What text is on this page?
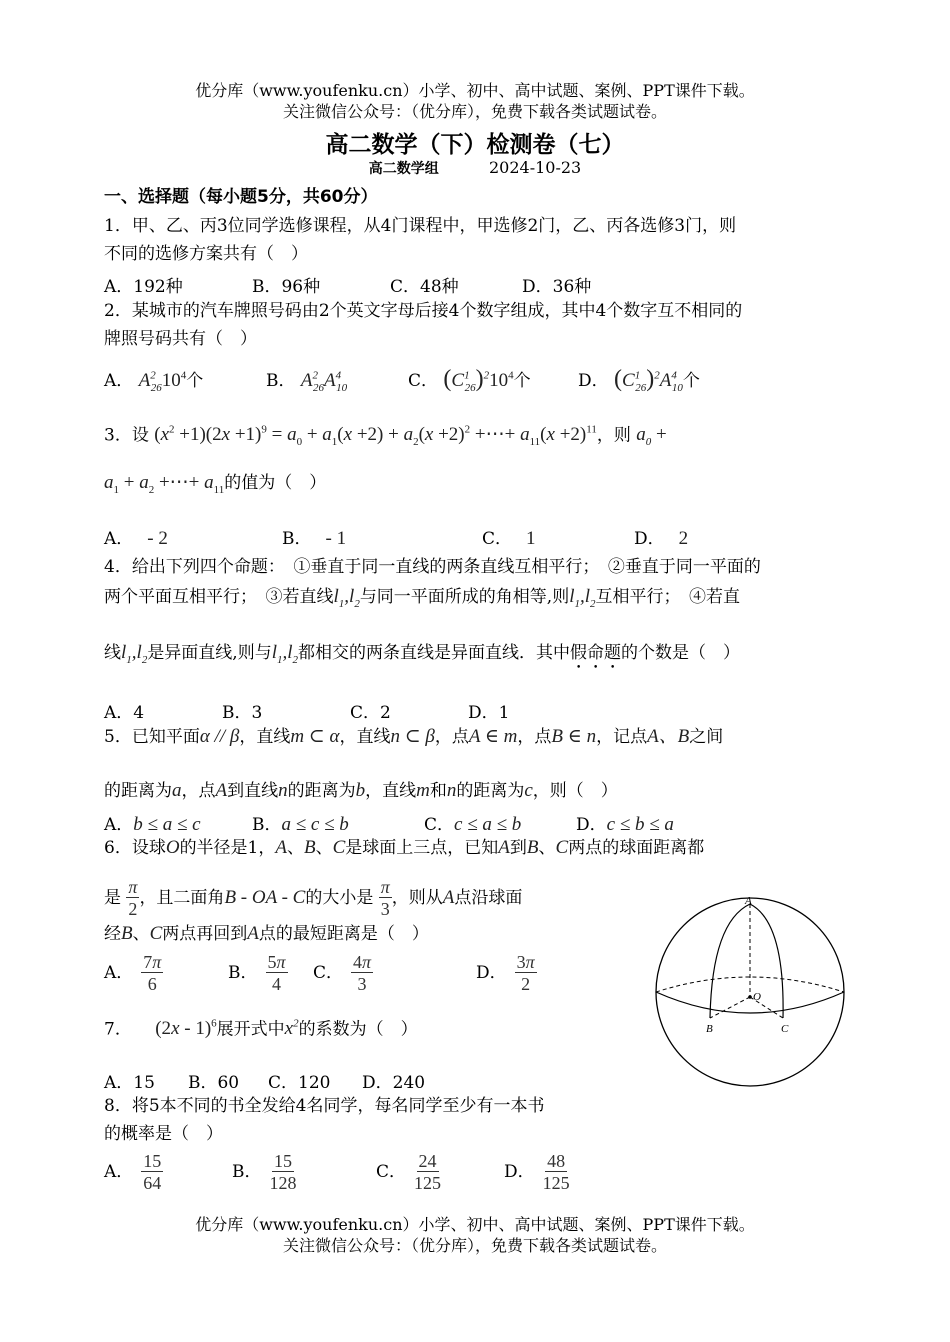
优分库（www.youfenku.cn）小学、初中、高中试题、案例、PPT课件下载。
关注微信公众号：（优分库），免费下载各类试题试卷。
高二数学（下）检测卷（七）
高二数学组	2024-10-23
一、选择题（每小题5分，共60分）
1．甲、乙、丙3位同学选修课程，从4门课程中，甲选修2门，乙、丙各选修3门，则
不同的选修方案共有（　）
A．192种	B．96种	C．48种	D．36种
2．某城市的汽车牌照号码由2个英文字母后接4个数字组成，其中4个数字互不相同的
牌照号码共有（　）
A． $A^2_{26}10^4$个	B． $A^2_{26}A^4_{10}$	C． $(C^1_{26})^210^4$个	D． $(C^1_{26})^2A^4_{10}$个
3．设 $(x^2 +1)(2x +1)^9 = a_0 + a_1(x +2) + a_2(x +2)^2$ +⋯+ $a_{11}(x +2)^{11}$，则 $a_0$ +
$a_1 + a_2$ +⋯+ $a_{11}$的值为（　）
A． - 2	B． - 1	C． 1	D． 2
4．给出下列四个命题：　①垂直于同一直线的两条直线互相平行；　②垂直于同一平面的
两个平面互相平行；　③若直线$l_1,l_2$与同一平面所成的角相等,则$l_1,l_2$互相平行；　④若直
线$l_1,l_2$是异面直线,则与$l_1,l_2$都相交的两条直线是异面直线．其中假命题的个数是（　）
A．4	B．3	C．2	D．1
5．已知平面α // β，直线m ⊂ α，直线n ⊂ β，点A ∈ m，点B ∈ n，记点A、B之间
的距离为a，点A到直线n的距离为b，直线m和n的距离为c，则（　）
A．b ≤ a ≤ c	B．a ≤ c ≤ b	C．c ≤ a ≤ b	D．c ≤ b ≤ a
6．设球O的半径是1，A、B、C是球面上三点，已知A到B、C两点的球面距离都
是 $\frac{\pi}{2}$ ，且二面角B - OA - C的大小是 $\frac{\pi}{3}$ ，则从A点沿球面
经B、C两点再回到A点的最短距离是（　）
A． $\frac{7\pi}{6}$	B． $\frac{5\pi}{4}$ C． $\frac{4\pi}{3}$	D． $\frac{3\pi}{2}$
A
O
B	C
7． (2x - 1)$^6$展开式中$x^2$的系数为（　）
A．15 B．60 C．120 D．240
8．将5本不同的书全发给4名同学，每名同学至少有一本书
的概率是（　）
A． $\frac{15}{64}$	B． $\frac{15}{128}$	C． $\frac{24}{125}$	D． $\frac{48}{125}$
优分库（www.youfenku.cn）小学、初中、高中试题、案例、PPT课件下载。
关注微信公众号：（优分库），免费下载各类试题试卷。
